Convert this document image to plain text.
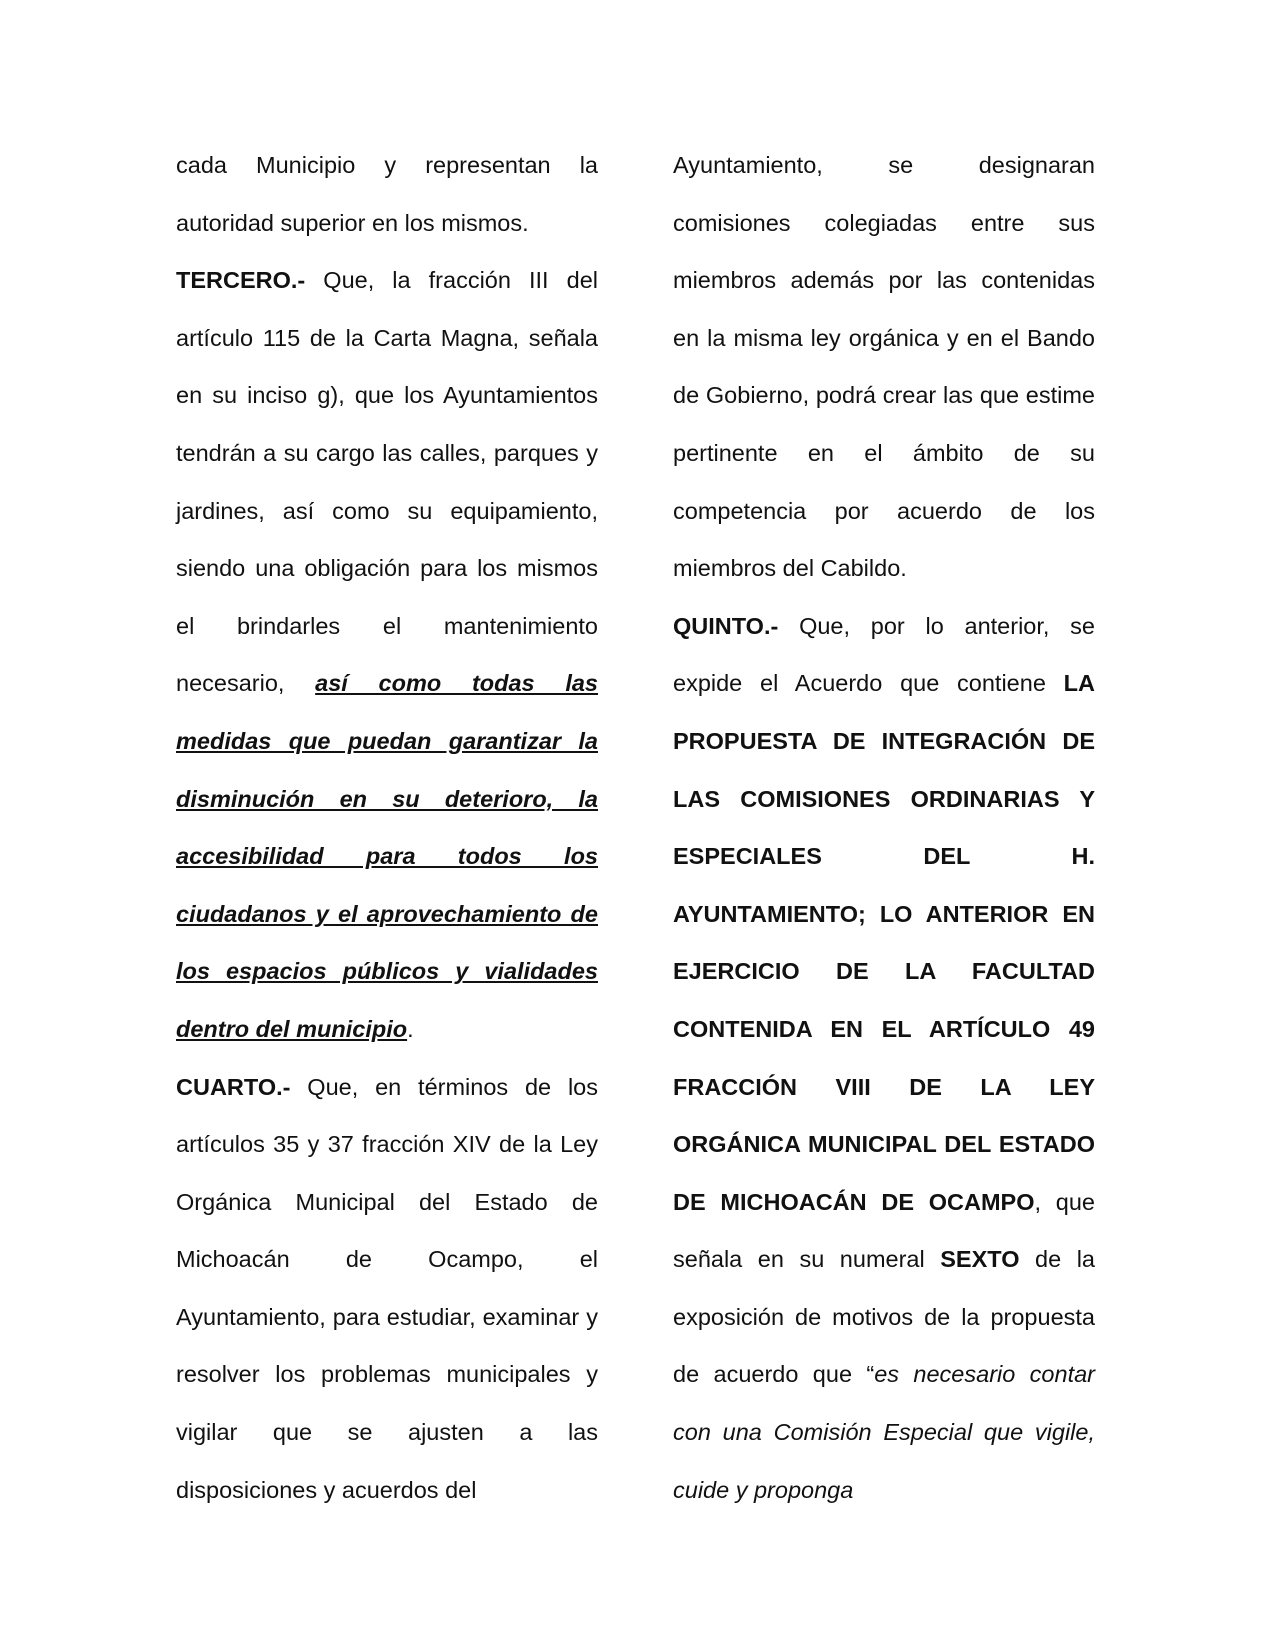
cada Municipio y representan la autoridad superior en los mismos.

TERCERO.- Que, la fracción III del artículo 115 de la Carta Magna, señala en su inciso g), que los Ayuntamientos tendrán a su cargo las calles, parques y jardines, así como su equipamiento, siendo una obligación para los mismos el brindarles el mantenimiento necesario, así como todas las medidas que puedan garantizar la disminución en su deterioro, la accesibilidad para todos los ciudadanos y el aprovechamiento de los espacios públicos y vialidades dentro del municipio.

CUARTO.- Que, en términos de los artículos 35 y 37 fracción XIV de la Ley Orgánica Municipal del Estado de Michoacán de Ocampo, el Ayuntamiento, para estudiar, examinar y resolver los problemas municipales y vigilar que se ajusten a las disposiciones y acuerdos del

Ayuntamiento, se designaran comisiones colegiadas entre sus miembros además por las contenidas en la misma ley orgánica y en el Bando de Gobierno, podrá crear las que estime pertinente en el ámbito de su competencia por acuerdo de los miembros del Cabildo.

QUINTO.- Que, por lo anterior, se expide el Acuerdo que contiene LA PROPUESTA DE INTEGRACIÓN DE LAS COMISIONES ORDINARIAS Y ESPECIALES DEL H. AYUNTAMIENTO; LO ANTERIOR EN EJERCICIO DE LA FACULTAD CONTENIDA EN EL ARTÍCULO 49 FRACCIÓN VIII DE LA LEY ORGÁNICA MUNICIPAL DEL ESTADO DE MICHOACÁN DE OCAMPO, que señala en su numeral SEXTO de la exposición de motivos de la propuesta de acuerdo que “es necesario contar con una Comisión Especial que vigile, cuide y proponga
